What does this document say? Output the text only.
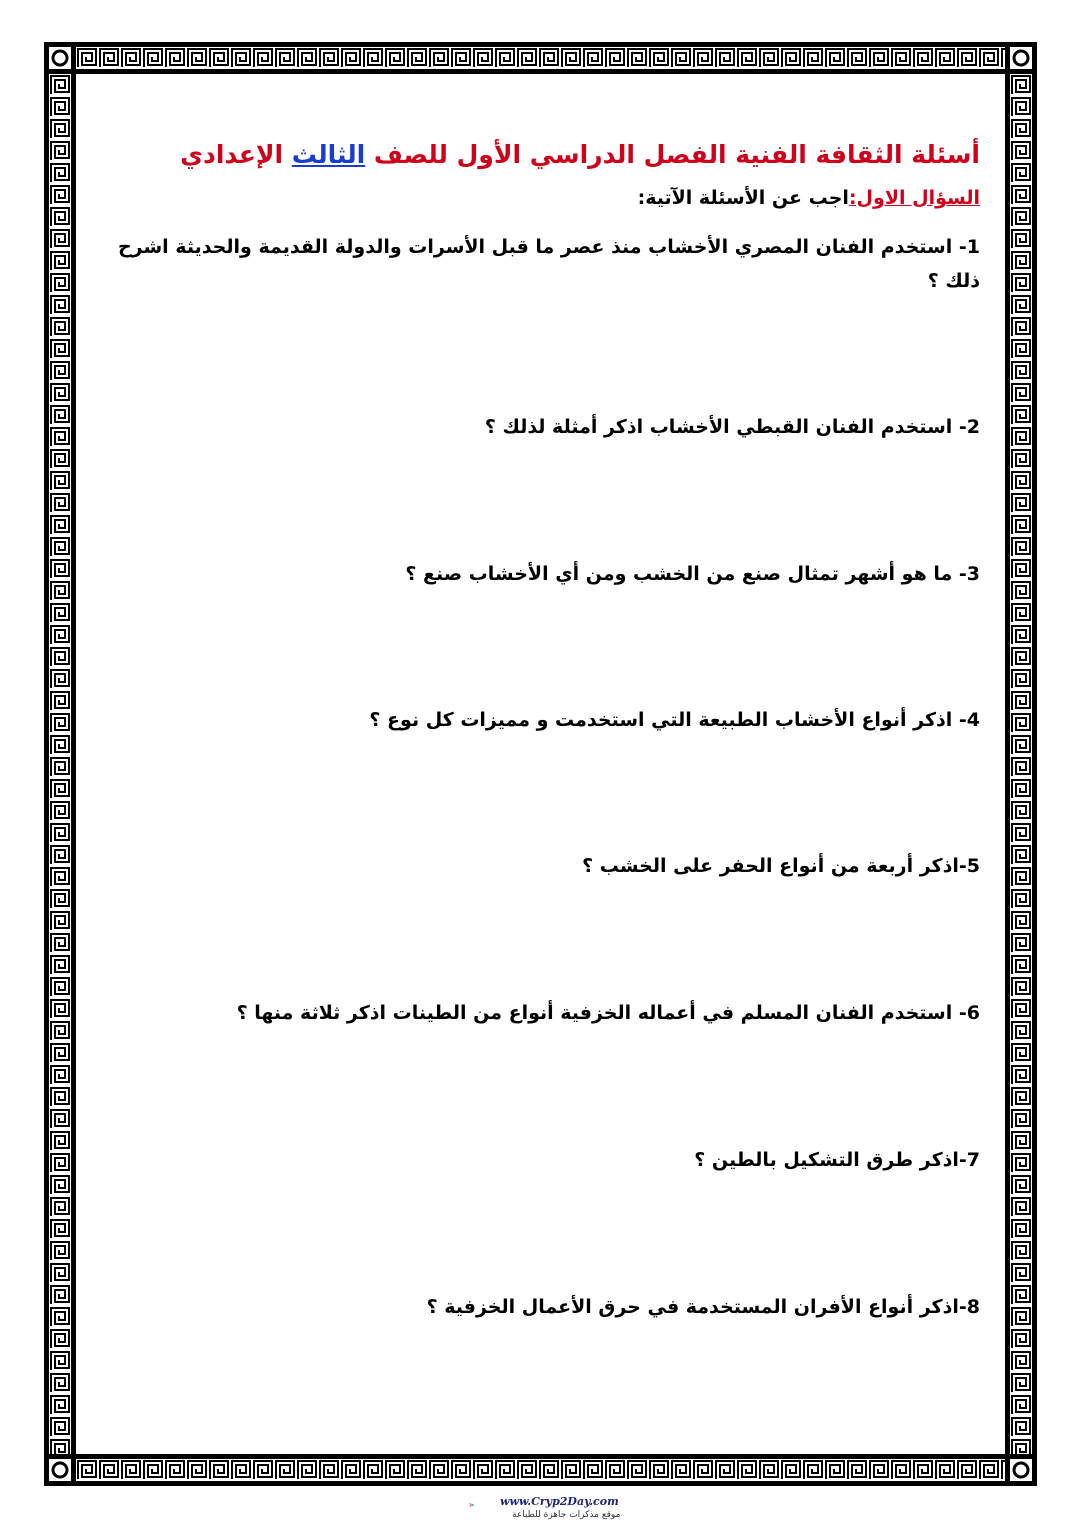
أسئلة الثقافة الفنية الفصل الدراسي الأول للصف الثالث الإعدادي
السؤال الاول:اجب عن الأسئلة الآتية:
1- استخدم الفنان المصري الأخشاب منذ عصر ما قبل الأسرات والدولة القديمة والحديثة اشرح ذلك ؟
2- استخدم الفنان القبطي الأخشاب اذكر أمثلة لذلك ؟
3- ما هو أشهر تمثال صنع من الخشب ومن أي الأخشاب صنع ؟
4- اذكر أنواع الأخشاب الطبيعة التي استخدمت و مميزات كل نوع ؟
5-اذكر أربعة من أنواع الحفر على الخشب ؟
6- استخدم الفنان المسلم في أعماله الخزفية أنواع من الطينات اذكر ثلاثة منها ؟
7-اذكر طرق التشكيل بالطين ؟
8-اذكر أنواع الأفران المستخدمة في حرق الأعمال الخزفية ؟
www.Cryp2Day.com
موقع مذكرات جاهزة للطباعة
